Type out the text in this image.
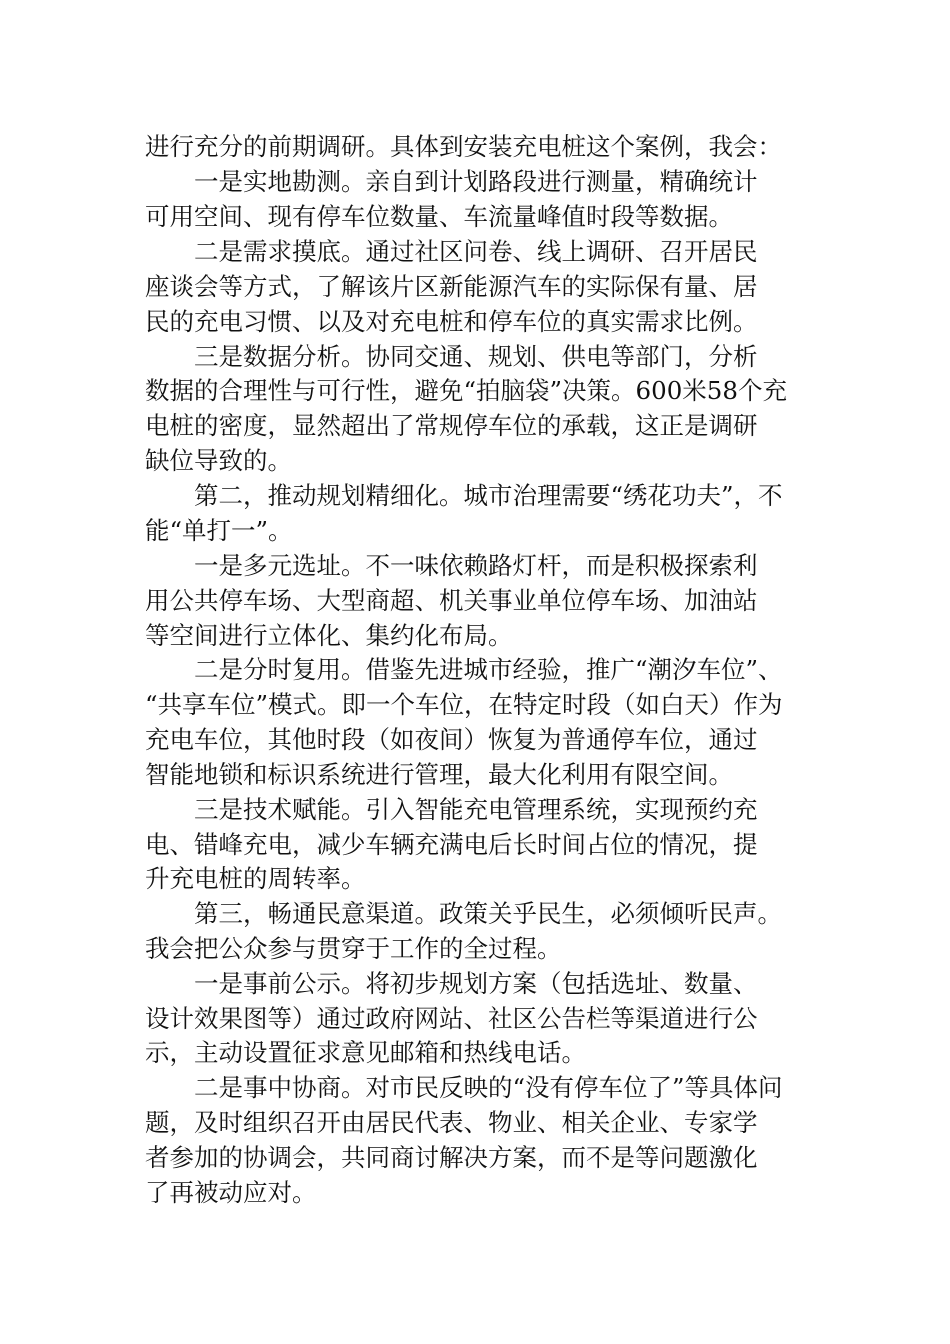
进行充分的前期调研。具体到安装充电桩这个案例，我会：
一是实地勘测。亲自到计划路段进行测量，精确统计
可用空间、现有停车位数量、车流量峰值时段等数据。
二是需求摸底。通过社区问卷、线上调研、召开居民
座谈会等方式，了解该片区新能源汽车的实际保有量、居
民的充电习惯、以及对充电桩和停车位的真实需求比例。
三是数据分析。协同交通、规划、供电等部门，分析
数据的合理性与可行性，避免“拍脑袋”决策。600米58个充
电桩的密度，显然超出了常规停车位的承载，这正是调研
缺位导致的。
第二，推动规划精细化。城市治理需要“绣花功夫”，不
能“单打一”。
一是多元选址。不一味依赖路灯杆，而是积极探索利
用公共停车场、大型商超、机关事业单位停车场、加油站
等空间进行立体化、集约化布局。
二是分时复用。借鉴先进城市经验，推广“潮汐车位”、
“共享车位”模式。即一个车位，在特定时段（如白天）作为
充电车位，其他时段（如夜间）恢复为普通停车位，通过
智能地锁和标识系统进行管理，最大化利用有限空间。
三是技术赋能。引入智能充电管理系统，实现预约充
电、错峰充电，减少车辆充满电后长时间占位的情况，提
升充电桩的周转率。
第三，畅通民意渠道。政策关乎民生，必须倾听民声。
我会把公众参与贯穿于工作的全过程。
一是事前公示。将初步规划方案（包括选址、数量、
设计效果图等）通过政府网站、社区公告栏等渠道进行公
示，主动设置征求意见邮箱和热线电话。
二是事中协商。对市民反映的“没有停车位了”等具体问
题，及时组织召开由居民代表、物业、相关企业、专家学
者参加的协调会，共同商讨解决方案，而不是等问题激化
了再被动应对。
